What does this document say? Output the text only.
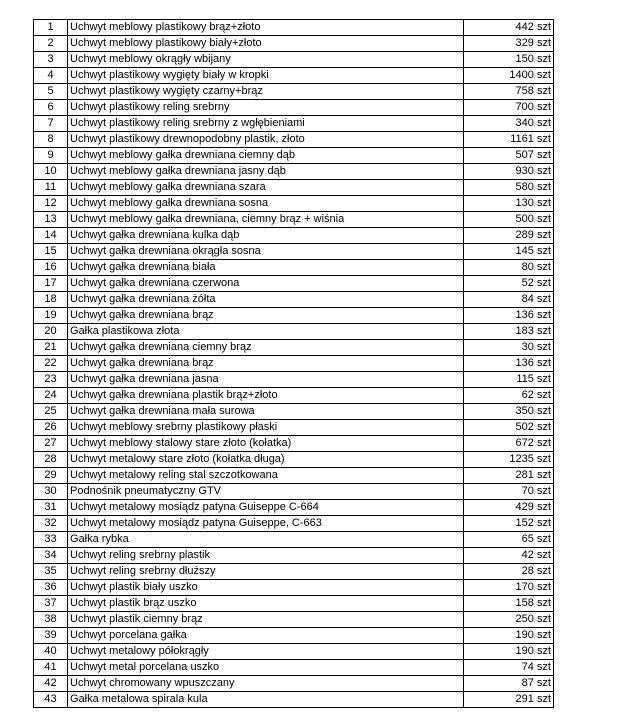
1	Uchwyt meblowy plastikowy brąz+złoto	442 szt
2	Uchwyt meblowy plastikowy biały+złoto	329 szt
3	Uchwyt meblowy okrągły wbijany	150 szt
4	Uchwyt plastikowy wygięty biały w kropki	1400 szt
5	Uchwyt plastikowy wygięty czarny+brąz	758 szt
6	Uchwyt plastikowy reling srebrny	700 szt
7	Uchwyt plastikowy reling srebrny z wgłębieniami	340 szt
8	Uchwyt plastikowy drewnopodobny plastik, złoto	1161 szt
9	Uchwyt meblowy gałka drewniana ciemny dąb	507 szt
10	Uchwyt meblowy gałka drewniana jasny dąb	930 szt
11	Uchwyt meblowy gałka drewniana szara	580 szt
12	Uchwyt meblowy gałka drewniana sosna	130 szt
13	Uchwyt meblowy gałka drewniana, ciemny brąz + wiśnia	500 szt
14	Uchwyt gałka drewniana kulka dąb	289 szt
15	Uchwyt gałka drewniana okrągła sosna	145 szt
16	Uchwyt gałka drewniana biała	80 szt
17	Uchwyt gałka drewniana czerwona	52 szt
18	Uchwyt gałka drewniana żółta	84 szt
19	Uchwyt gałka drewniana brąz	136 szt
20	Gałka plastikowa złota	183 szt
21	Uchwyt gałka drewniana ciemny brąz	30 szt
22	Uchwyt gałka drewniana brąz	136 szt
23	Uchwyt gałka drewniana jasna	115 szt
24	Uchwyt gałka drewniana plastik brąz+złoto	62 szt
25	Uchwyt gałka drewniana mała surowa	350 szt
26	Uchwyt meblowy srebrny plastikowy płaski	502 szt
27	Uchwyt meblowy stalowy stare złoto (kołatka)	672 szt
28	Uchwyt metalowy stare złoto (kołatka długa)	1235 szt
29	Uchwyt metalowy reling stal szczotkowana	281 szt
30	Podnośnik pneumatyczny GTV	70 szt
31	Uchwyt metalowy mosiądz patyna Guiseppe C-664	429 szt
32	Uchwyt metalowy mosiądz patyna Guiseppe, C-663	152 szt
33	Gałka rybka	65 szt
34	Uchwyt reling srebrny plastik	42 szt
35	Uchwyt reling srebrny dłuższy	28 szt
36	Uchwyt plastik biały uszko	170 szt
37	Uchwyt plastik brąz uszko	158 szt
38	Uchwyt plastik ciemny brąz	250 szt
39	Uchwyt porcelana gałka	190 szt
40	Uchwyt metalowy półokrągły	190 szt
41	Uchwyt metal porcelana uszko	74 szt
42	Uchwyt chromowany wpuszczany	87 szt
43	Gałka metalowa spirala kula	291 szt
